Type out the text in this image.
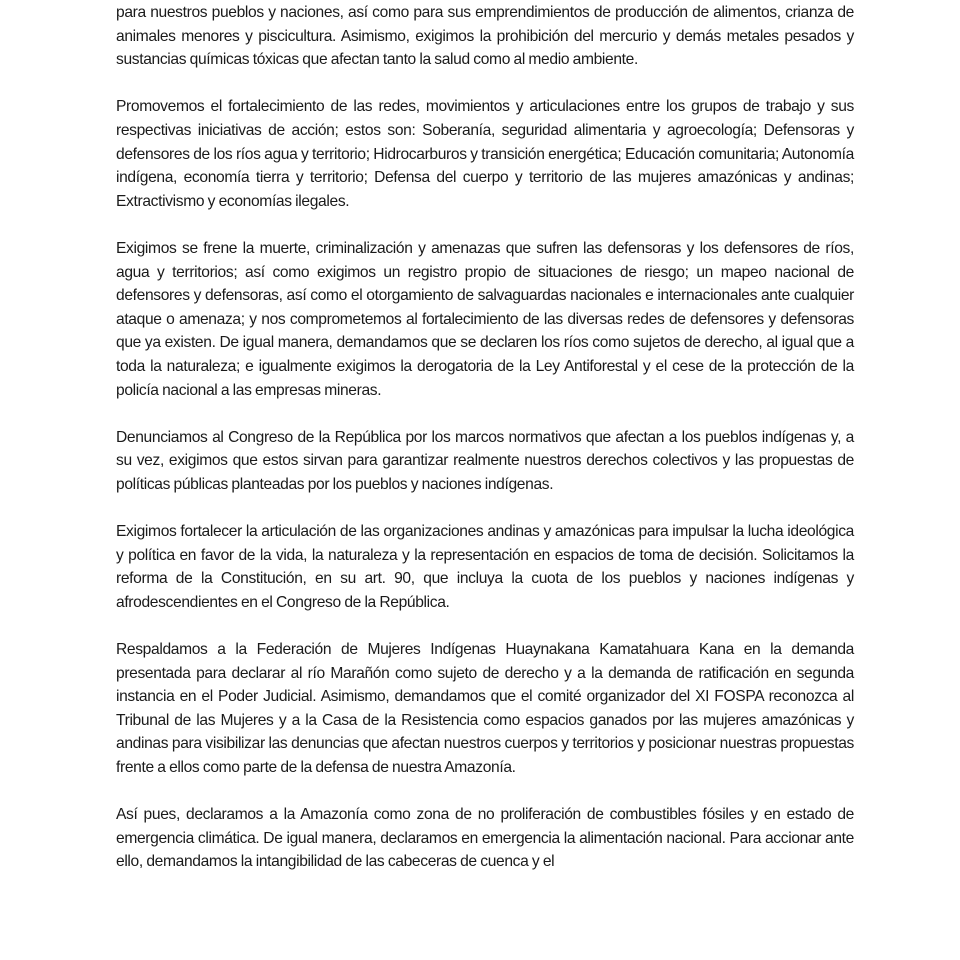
para nuestros pueblos y naciones, así como para sus emprendimientos de producción de alimentos, crianza de animales menores y piscicultura. Asimismo, exigimos la prohibición del mercurio y demás metales pesados y sustancias químicas tóxicas que afectan tanto la salud como al medio ambiente.

Promovemos el fortalecimiento de las redes, movimientos y articulaciones entre los grupos de trabajo y sus respectivas iniciativas de acción; estos son: Soberanía, seguridad alimentaria y agroecología; Defensoras y defensores de los ríos agua y territorio; Hidrocarburos y transición energética; Educación comunitaria; Autonomía indígena, economía tierra y territorio; Defensa del cuerpo y territorio de las mujeres amazónicas y andinas; Extractivismo y economías ilegales.

Exigimos se frene la muerte, criminalización y amenazas que sufren las defensoras y los defensores de ríos, agua y territorios; así como exigimos un registro propio de situaciones de riesgo; un mapeo nacional de defensores y defensoras, así como el otorgamiento de salvaguardas nacionales e internacionales ante cualquier ataque o amenaza; y nos comprometemos al fortalecimiento de las diversas redes de defensores y defensoras que ya existen. De igual manera, demandamos que se declaren los ríos como sujetos de derecho, al igual que a toda la naturaleza; e igualmente exigimos la derogatoria de la Ley Antiforestal y el cese de la protección de la policía nacional a las empresas mineras.

Denunciamos al Congreso de la República por los marcos normativos que afectan a los pueblos indígenas y, a su vez, exigimos que estos sirvan para garantizar realmente nuestros derechos colectivos y las propuestas de políticas públicas planteadas por los pueblos y naciones indígenas.

Exigimos fortalecer la articulación de las organizaciones andinas y amazónicas para impulsar la lucha ideológica y política en favor de la vida, la naturaleza y la representación en espacios de toma de decisión. Solicitamos la reforma de la Constitución, en su art. 90, que incluya la cuota de los pueblos y naciones indígenas y afrodescendientes en el Congreso de la República.

Respaldamos a la Federación de Mujeres Indígenas Huaynakana Kamatahuara Kana en la demanda presentada para declarar al río Marañón como sujeto de derecho y a la demanda de ratificación en segunda instancia en el Poder Judicial. Asimismo, demandamos que el comité organizador del XI FOSPA reconozca al Tribunal de las Mujeres y a la Casa de la Resistencia como espacios ganados por las mujeres amazónicas y andinas para visibilizar las denuncias que afectan nuestros cuerpos y territorios y posicionar nuestras propuestas frente a ellos como parte de la defensa de nuestra Amazonía.

Así pues, declaramos a la Amazonía como zona de no proliferación de combustibles fósiles y en estado de emergencia climática. De igual manera, declaramos en emergencia la alimentación nacional. Para accionar ante ello, demandamos la intangibilidad de las cabeceras de cuenca y el
